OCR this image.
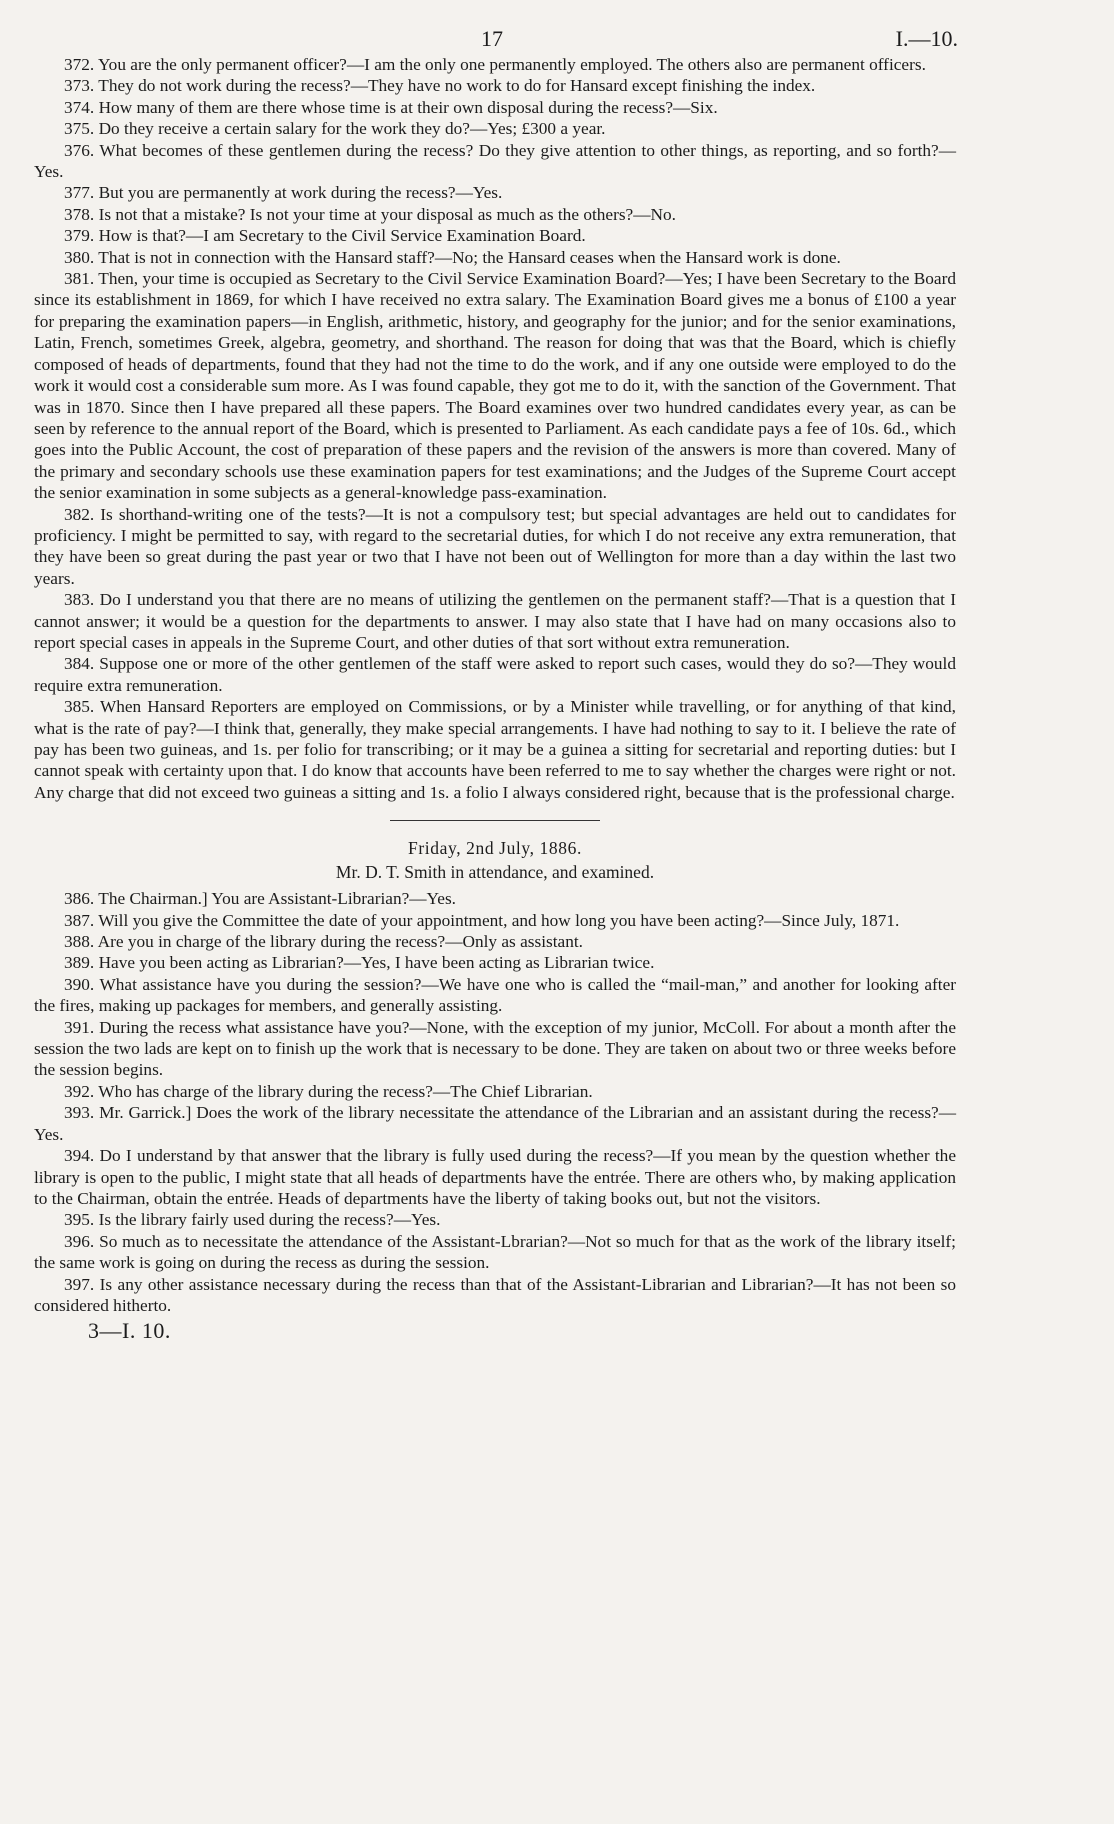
17	I.—10.

372. You are the only permanent officer?—I am the only one permanently employed. The others also are permanent officers.

373. They do not work during the recess?—They have no work to do for Hansard except finishing the index.

374. How many of them are there whose time is at their own disposal during the recess?—Six.

375. Do they receive a certain salary for the work they do?—Yes; £300 a year.

376. What becomes of these gentlemen during the recess? Do they give attention to other things, as reporting, and so forth?—Yes.

377. But you are permanently at work during the recess?—Yes.

378. Is not that a mistake? Is not your time at your disposal as much as the others?—No.

379. How is that?—I am Secretary to the Civil Service Examination Board.

380. That is not in connection with the Hansard staff?—No; the Hansard ceases when the Hansard work is done.

381. Then, your time is occupied as Secretary to the Civil Service Examination Board?—Yes; I have been Secretary to the Board since its establishment in 1869, for which I have received no extra salary. The Examination Board gives me a bonus of £100 a year for preparing the examination papers—in English, arithmetic, history, and geography for the junior; and for the senior examinations, Latin, French, sometimes Greek, algebra, geometry, and shorthand. The reason for doing that was that the Board, which is chiefly composed of heads of departments, found that they had not the time to do the work, and if any one outside were employed to do the work it would cost a considerable sum more. As I was found capable, they got me to do it, with the sanction of the Government. That was in 1870. Since then I have prepared all these papers. The Board examines over two hundred candidates every year, as can be seen by reference to the annual report of the Board, which is presented to Parliament. As each candidate pays a fee of 10s. 6d., which goes into the Public Account, the cost of preparation of these papers and the revision of the answers is more than covered. Many of the primary and secondary schools use these examination papers for test examinations; and the Judges of the Supreme Court accept the senior examination in some subjects as a general-knowledge pass-examination.

382. Is shorthand-writing one of the tests?—It is not a compulsory test; but special advantages are held out to candidates for proficiency. I might be permitted to say, with regard to the secretarial duties, for which I do not receive any extra remuneration, that they have been so great during the past year or two that I have not been out of Wellington for more than a day within the last two years.

383. Do I understand you that there are no means of utilizing the gentlemen on the permanent staff?—That is a question that I cannot answer; it would be a question for the departments to answer. I may also state that I have had on many occasions also to report special cases in appeals in the Supreme Court, and other duties of that sort without extra remuneration.

384. Suppose one or more of the other gentlemen of the staff were asked to report such cases, would they do so?—They would require extra remuneration.

385. When Hansard Reporters are employed on Commissions, or by a Minister while travelling, or for anything of that kind, what is the rate of pay?—I think that, generally, they make special arrangements. I have had nothing to say to it. I believe the rate of pay has been two guineas, and 1s. per folio for transcribing; or it may be a guinea a sitting for secretarial and reporting duties: but I cannot speak with certainty upon that. I do know that accounts have been referred to me to say whether the charges were right or not. Any charge that did not exceed two guineas a sitting and 1s. a folio I always considered right, because that is the professional charge.

Friday, 2nd July, 1886.
Mr. D. T. Smith in attendance, and examined.

386. The Chairman.] You are Assistant-Librarian?—Yes.

387. Will you give the Committee the date of your appointment, and how long you have been acting?—Since July, 1871.

388. Are you in charge of the library during the recess?—Only as assistant.

389. Have you been acting as Librarian?—Yes, I have been acting as Librarian twice.

390. What assistance have you during the session?—We have one who is called the “mail-man,” and another for looking after the fires, making up packages for members, and generally assisting.

391. During the recess what assistance have you?—None, with the exception of my junior, McColl. For about a month after the session the two lads are kept on to finish up the work that is necessary to be done. They are taken on about two or three weeks before the session begins.

392. Who has charge of the library during the recess?—The Chief Librarian.

393. Mr. Garrick.] Does the work of the library necessitate the attendance of the Librarian and an assistant during the recess?—Yes.

394. Do I understand by that answer that the library is fully used during the recess?—If you mean by the question whether the library is open to the public, I might state that all heads of departments have the entrée. There are others who, by making application to the Chairman, obtain the entrée. Heads of departments have the liberty of taking books out, but not the visitors.

395. Is the library fairly used during the recess?—Yes.

396. So much as to necessitate the attendance of the Assistant-Lbrarian?—Not so much for that as the work of the library itself; the same work is going on during the recess as during the session.

397. Is any other assistance necessary during the recess than that of the Assistant-Librarian and Librarian?—It has not been so considered hitherto.

3—I. 10.
